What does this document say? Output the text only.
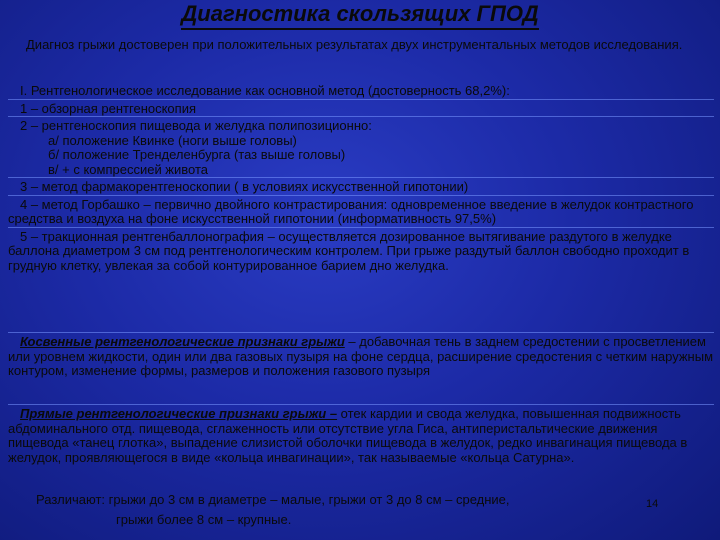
Диагностика скользящих ГПОД
Диагноз грыжи достоверен при положительных результатах двух инструментальных методов исследования.

I. Рентгенологическое исследование как основной метод (достоверность 68,2%):

1 – обзорная рентгеноскопия

2 – рентгеноскопия пищевода и желудка полипозиционно:

а/ положение Квинке (ноги выше головы)

б/ положение Тренделенбурга (таз выше головы)

в/ + с компрессией живота

3 – метод фармакорентгеноскопии ( в условиях искусственной гипотонии)

4 – метод Горбашко – первично двойного контрастирования: одновременное введение в желудок контрастного средства и воздуха на фоне искусственной гипотонии (информативность 97,5%)

5 – тракционная рентгенбаллонография – осуществляется дозированное вытягивание раздутого в желудке баллона диаметром 3 см под рентгенологическим контролем. При грыже раздутый баллон свободно проходит в грудную клетку, увлекая за собой контурированное барием дно желудка.

Косвенные рентгенологические признаки грыжи – добавочная тень в заднем средостении с просветлением или уровнем жидкости, один или два газовых пузыря на фоне сердца, расширение средостения с четким наружным контуром, изменение формы, размеров и положения газового пузыря
Прямые рентгенологические признаки грыжи – отек кардии и свода желудка, повышенная подвижность абдоминального отд. пищевода, сглаженность или отсутствие угла Гиса, антиперистальтические движения пищевода «танец глотка», выпадение слизистой оболочки пищевода в желудок, редко инвагинация пищевода в желудок, проявляющегося в виде «кольца инвагинации», так называемые «кольца Сатурна».
Различают: грыжи до 3 см в диаметре – малые, грыжи от 3 до 8 см – средние,
грыжи более 8 см – крупные.
14
